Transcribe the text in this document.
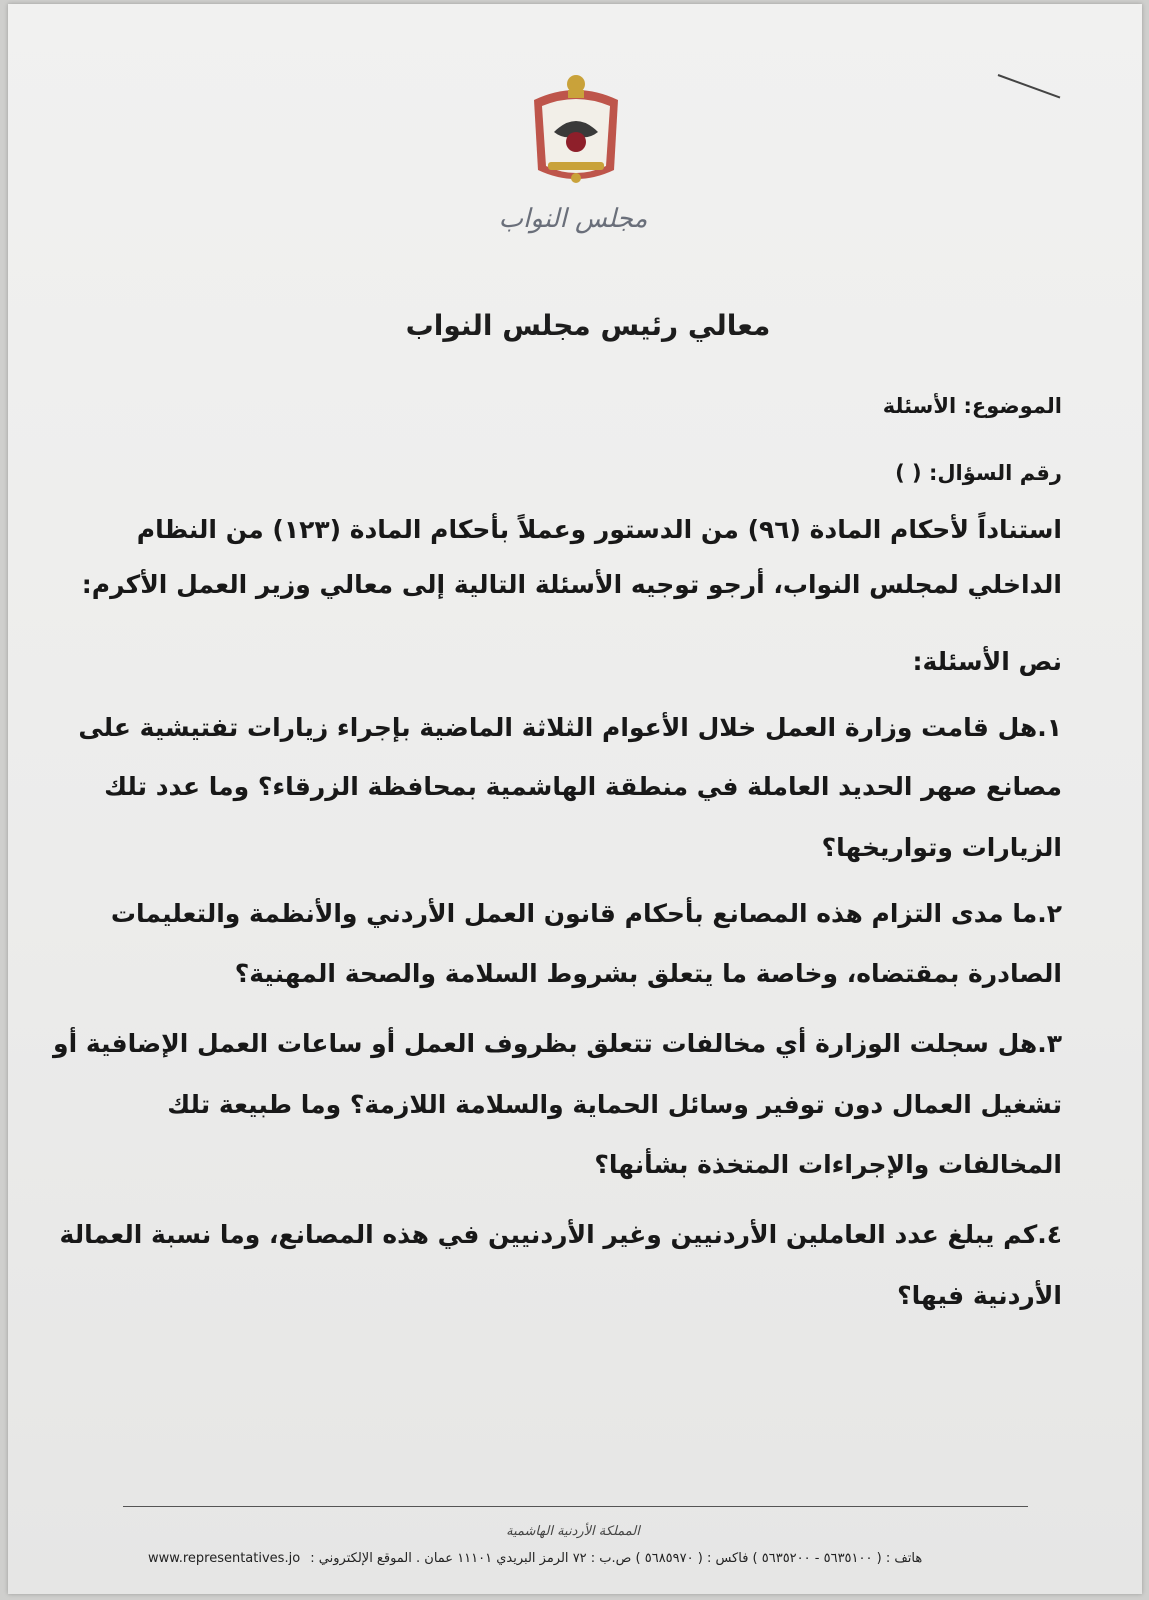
مجلس النواب
معالي رئيس مجلس النواب
الموضوع: الأسئلة
رقم السؤال: ( )
استناداً لأحكام المادة (٩٦) من الدستور وعملاً بأحكام المادة (١٢٣) من النظام
الداخلي لمجلس النواب، أرجو توجيه الأسئلة التالية إلى معالي وزير العمل الأكرم:
نص الأسئلة:
١.هل قامت وزارة العمل خلال الأعوام الثلاثة الماضية بإجراء زيارات تفتيشية على
مصانع صهر الحديد العاملة في منطقة الهاشمية بمحافظة الزرقاء؟ وما عدد تلك
الزيارات وتواريخها؟
٢.ما مدى التزام هذه المصانع بأحكام قانون العمل الأردني والأنظمة والتعليمات
الصادرة بمقتضاه، وخاصة ما يتعلق بشروط السلامة والصحة المهنية؟
٣.هل سجلت الوزارة أي مخالفات تتعلق بظروف العمل أو ساعات العمل الإضافية أو
تشغيل العمال دون توفير وسائل الحماية والسلامة اللازمة؟ وما طبيعة تلك
المخالفات والإجراءات المتخذة بشأنها؟
٤.كم يبلغ عدد العاملين الأردنيين وغير الأردنيين في هذه المصانع، وما نسبة العمالة
الأردنية فيها؟
المملكة الأردنية الهاشمية
www.representatives.jo هاتف : ( ٥٦٣٥١٠٠ - ٥٦٣٥٢٠٠ ) فاكس : ( ٥٦٨٥٩٧٠ ) ص.ب : ٧٢ الرمز البريدي ١١١٠١ عمان . الموقع الإلكتروني :
